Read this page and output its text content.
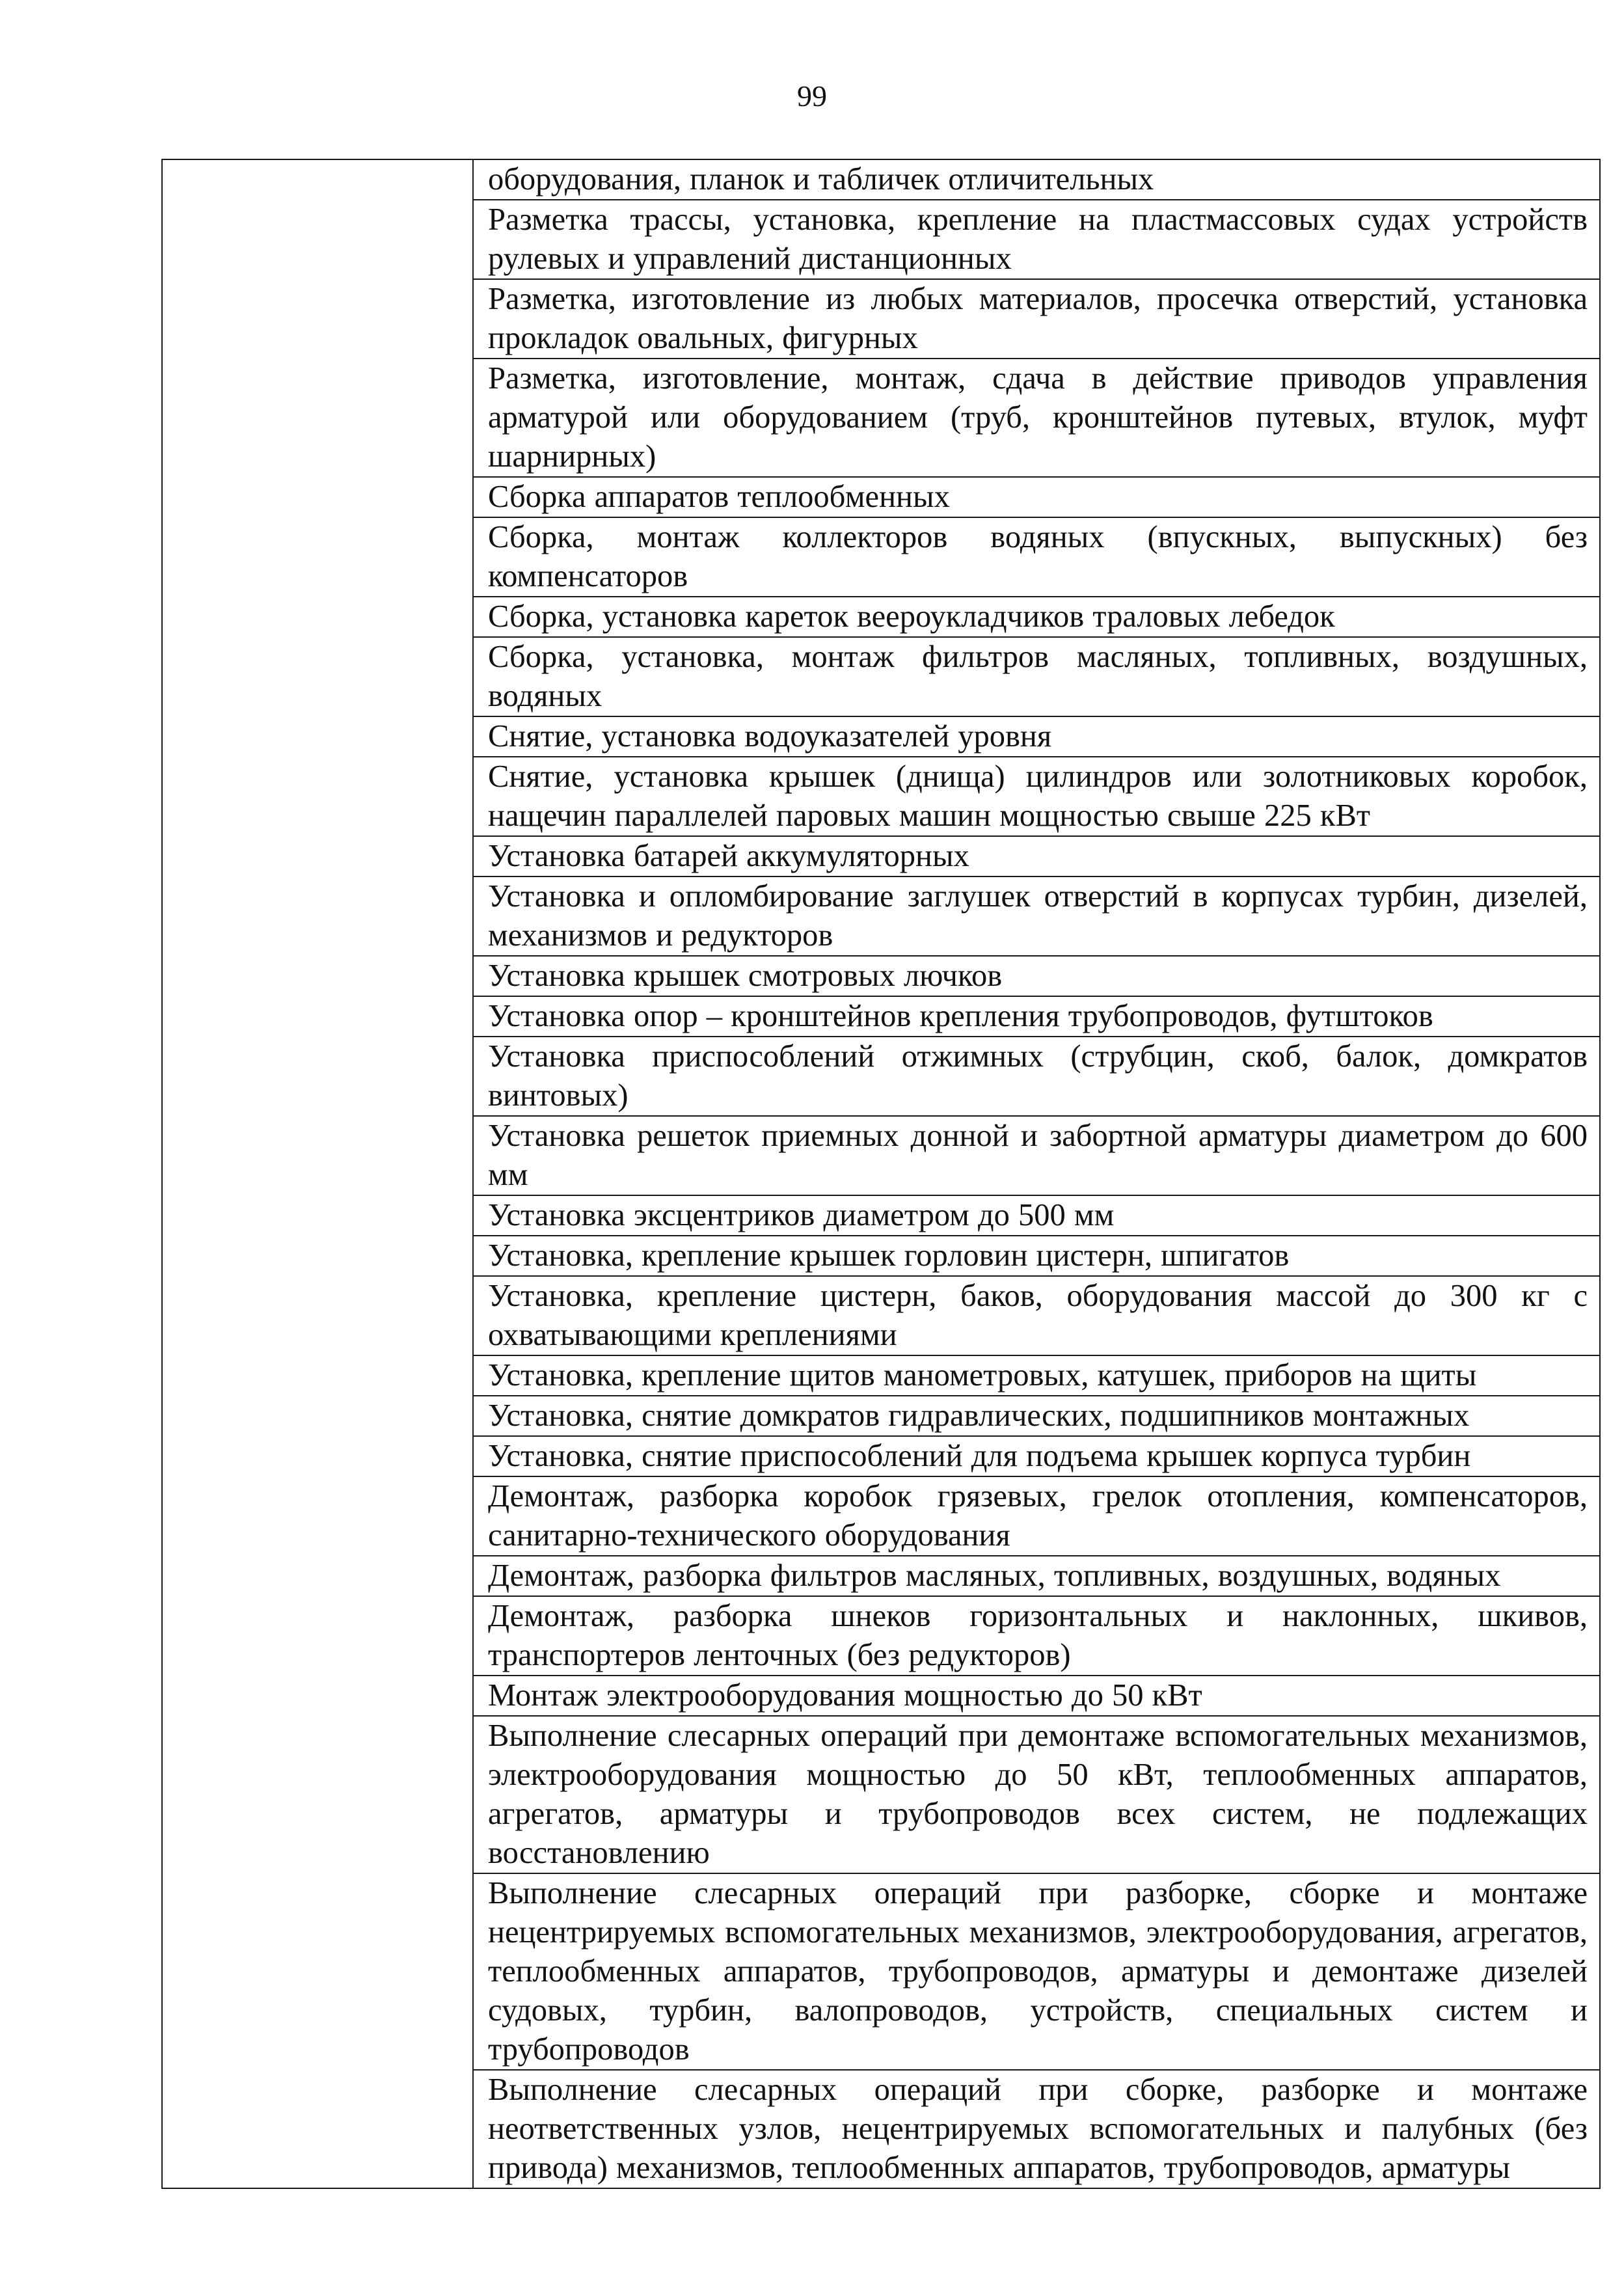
99
	оборудования, планок и табличек отличительных
Разметка трассы, установка, крепление на пластмассовых судах устройств рулевых и управлений дистанционных
Разметка, изготовление из любых материалов, просечка отверстий, установка прокладок овальных, фигурных
Разметка, изготовление, монтаж, сдача в действие приводов управления арматурой или оборудованием (труб, кронштейнов путевых, втулок, муфт шарнирных)
Сборка аппаратов теплообменных
Сборка, монтаж коллекторов водяных (впускных, выпускных) без компенсаторов
Сборка, установка кареток веероукладчиков траловых лебедок
Сборка, установка, монтаж фильтров масляных, топливных, воздушных, водяных
Снятие, установка водоуказателей уровня
Снятие, установка крышек (днища) цилиндров или золотниковых коробок, нащечин параллелей паровых машин мощностью свыше 225 кВт
Установка батарей аккумуляторных
Установка и опломбирование заглушек отверстий в корпусах турбин, дизелей, механизмов и редукторов
Установка крышек смотровых лючков
Установка опор – кронштейнов крепления трубопроводов, футштоков
Установка приспособлений отжимных (струбцин, скоб, балок, домкратов винтовых)
Установка решеток приемных донной и забортной арматуры диаметром до 600 мм
Установка эксцентриков диаметром до 500 мм
Установка, крепление крышек горловин цистерн, шпигатов
Установка, крепление цистерн, баков, оборудования массой до 300 кг с охватывающими креплениями
Установка, крепление щитов манометровых, катушек, приборов на щиты
Установка, снятие домкратов гидравлических, подшипников монтажных
Установка, снятие приспособлений для подъема крышек корпуса турбин
Демонтаж, разборка коробок грязевых, грелок отопления, компенсаторов, санитарно-технического оборудования
Демонтаж, разборка фильтров масляных, топливных, воздушных, водяных
Демонтаж, разборка шнеков горизонтальных и наклонных, шкивов, транспортеров ленточных (без редукторов)
Монтаж электрооборудования мощностью до 50 кВт
Выполнение слесарных операций при демонтаже вспомогательных механизмов, электрооборудования мощностью до 50 кВт, теплообменных аппаратов, агрегатов, арматуры и трубопроводов всех систем, не подлежащих восстановлению
Выполнение слесарных операций при разборке, сборке и монтаже нецентрируемых вспомогательных механизмов, электрооборудования, агрегатов, теплообменных аппаратов, трубопроводов, арматуры и демонтаже дизелей судовых, турбин, валопроводов, устройств, специальных систем и трубопроводов
Выполнение слесарных операций при сборке, разборке и монтаже неответственных узлов, нецентрируемых вспомогательных и палубных (без привода) механизмов, теплообменных аппаратов, трубопроводов, арматуры
